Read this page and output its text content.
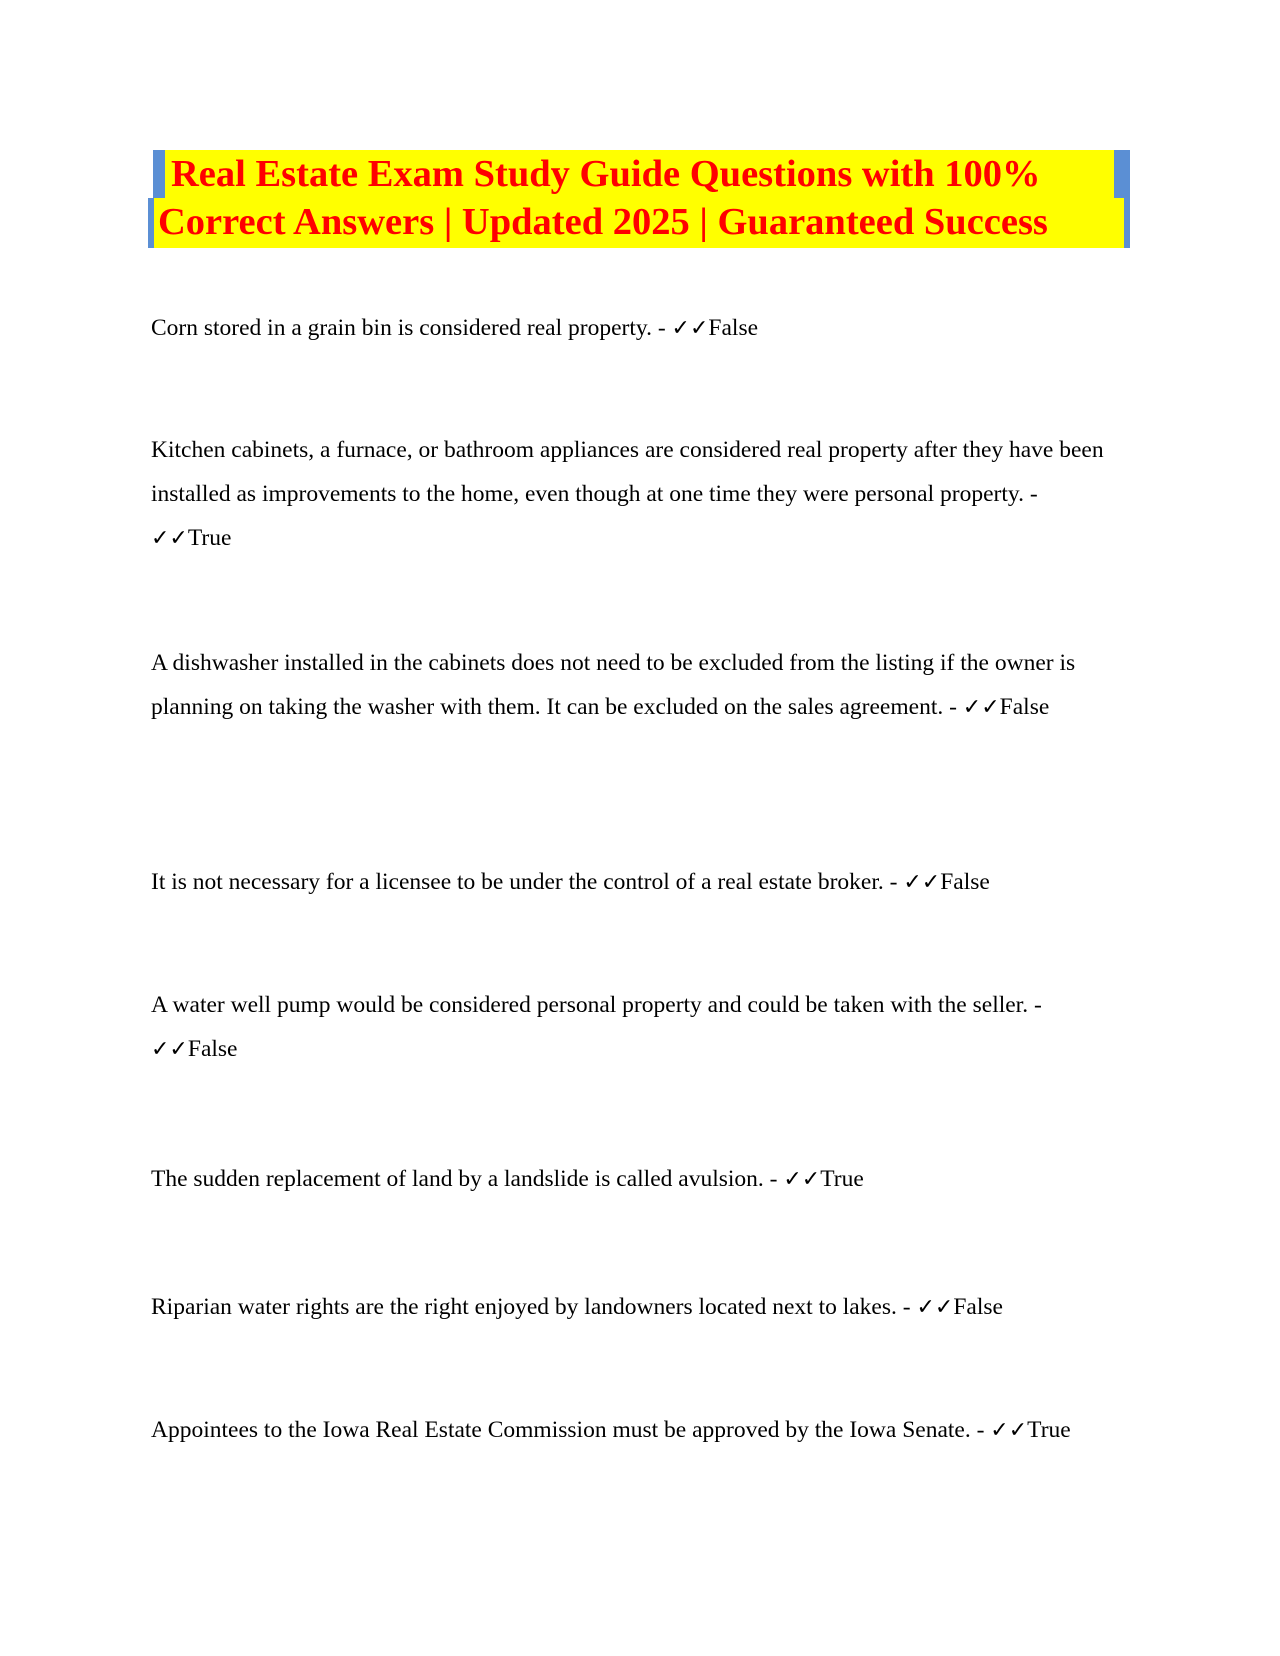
Real Estate Exam Study Guide Questions with 100%
Correct Answers | Updated 2025 | Guaranteed Success
Corn stored in a grain bin is considered real property. - ✓✓False
Kitchen cabinets, a furnace, or bathroom appliances are considered real property after they have been installed as improvements to the home, even though at one time they were personal property. - ✓✓True
A dishwasher installed in the cabinets does not need to be excluded from the listing if the owner is planning on taking the washer with them. It can be excluded on the sales agreement. - ✓✓False
It is not necessary for a licensee to be under the control of a real estate broker. - ✓✓False
A water well pump would be considered personal property and could be taken with the seller. - ✓✓False
The sudden replacement of land by a landslide is called avulsion. - ✓✓True
Riparian water rights are the right enjoyed by landowners located next to lakes. - ✓✓False
Appointees to the Iowa Real Estate Commission must be approved by the Iowa Senate. - ✓✓True
